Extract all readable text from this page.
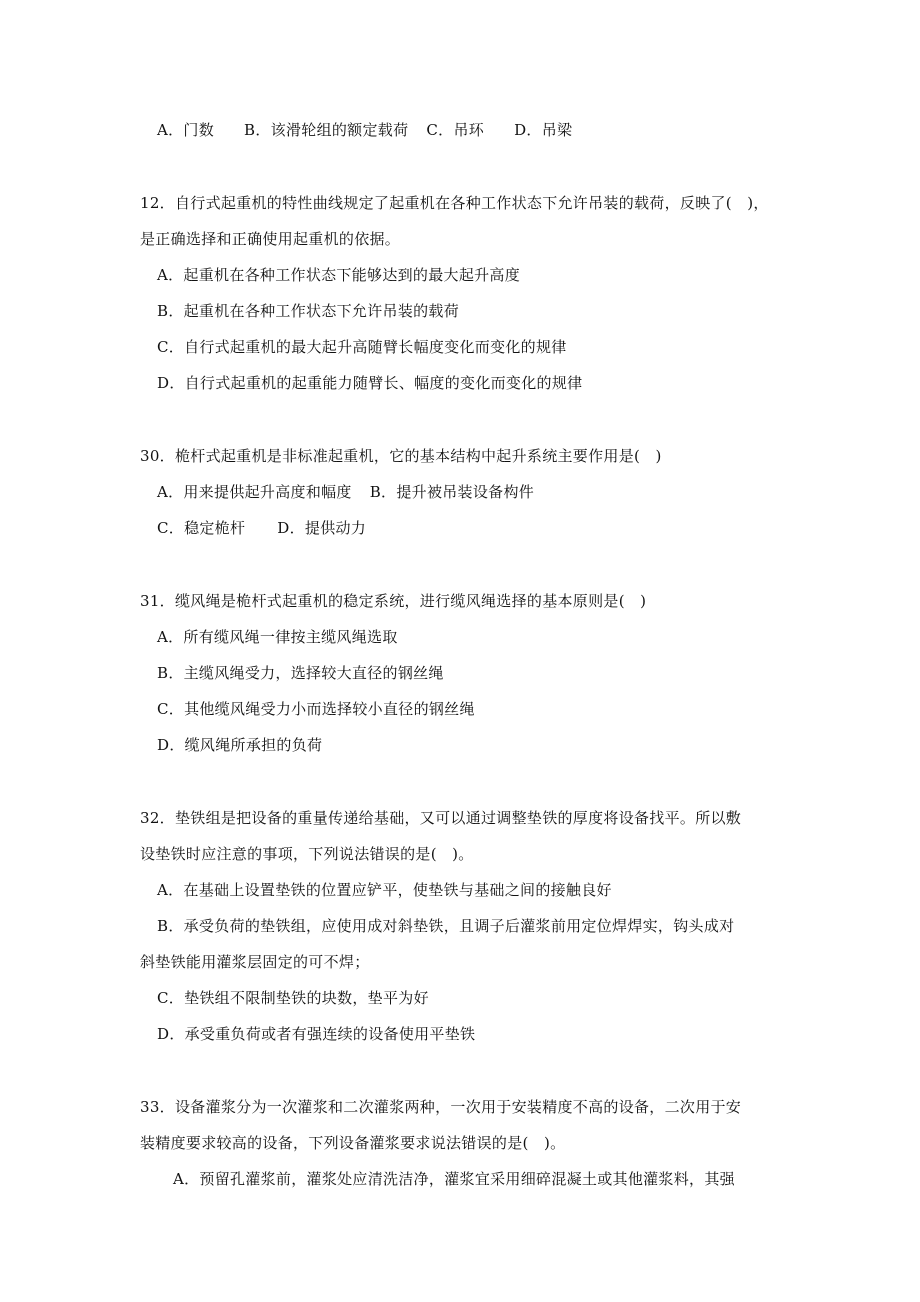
A．门数 B．该滑轮组的额定载荷 C．吊环 D．吊梁
12．自行式起重机的特性曲线规定了起重机在各种工作状态下允许吊装的载荷，反映了(　)，
是正确选择和正确使用起重机的依据。
A．起重机在各种工作状态下能够达到的最大起升高度
B．起重机在各种工作状态下允许吊装的载荷
C．自行式起重机的最大起升高随臂长幅度变化而变化的规律
D．自行式起重机的起重能力随臂长、幅度的变化而变化的规律
30．桅杆式起重机是非标准起重机，它的基本结构中起升系统主要作用是(　)
A．用来提供起升高度和幅度 B．提升被吊装设备构件
C．稳定桅杆 D．提供动力
31．缆风绳是桅杆式起重机的稳定系统，进行缆风绳选择的基本原则是(　)
A．所有缆风绳一律按主缆风绳选取
B．主缆风绳受力，选择较大直径的钢丝绳
C．其他缆风绳受力小而选择较小直径的钢丝绳
D．缆风绳所承担的负荷
32．垫铁组是把设备的重量传递给基础，又可以通过调整垫铁的厚度将设备找平。所以敷
设垫铁时应注意的事项，下列说法错误的是(　)。
A．在基础上设置垫铁的位置应铲平，使垫铁与基础之间的接触良好
B．承受负荷的垫铁组，应使用成对斜垫铁，且调子后灌浆前用定位焊焊实，钩头成对
斜垫铁能用灌浆层固定的可不焊；
C．垫铁组不限制垫铁的块数，垫平为好
D．承受重负荷或者有强连续的设备使用平垫铁
33．设备灌浆分为一次灌浆和二次灌浆两种，一次用于安装精度不高的设备，二次用于安
装精度要求较高的设备，下列设备灌浆要求说法错误的是(　)。
A．预留孔灌浆前，灌浆处应清洗洁净，灌浆宜采用细碎混凝土或其他灌浆料，其强
